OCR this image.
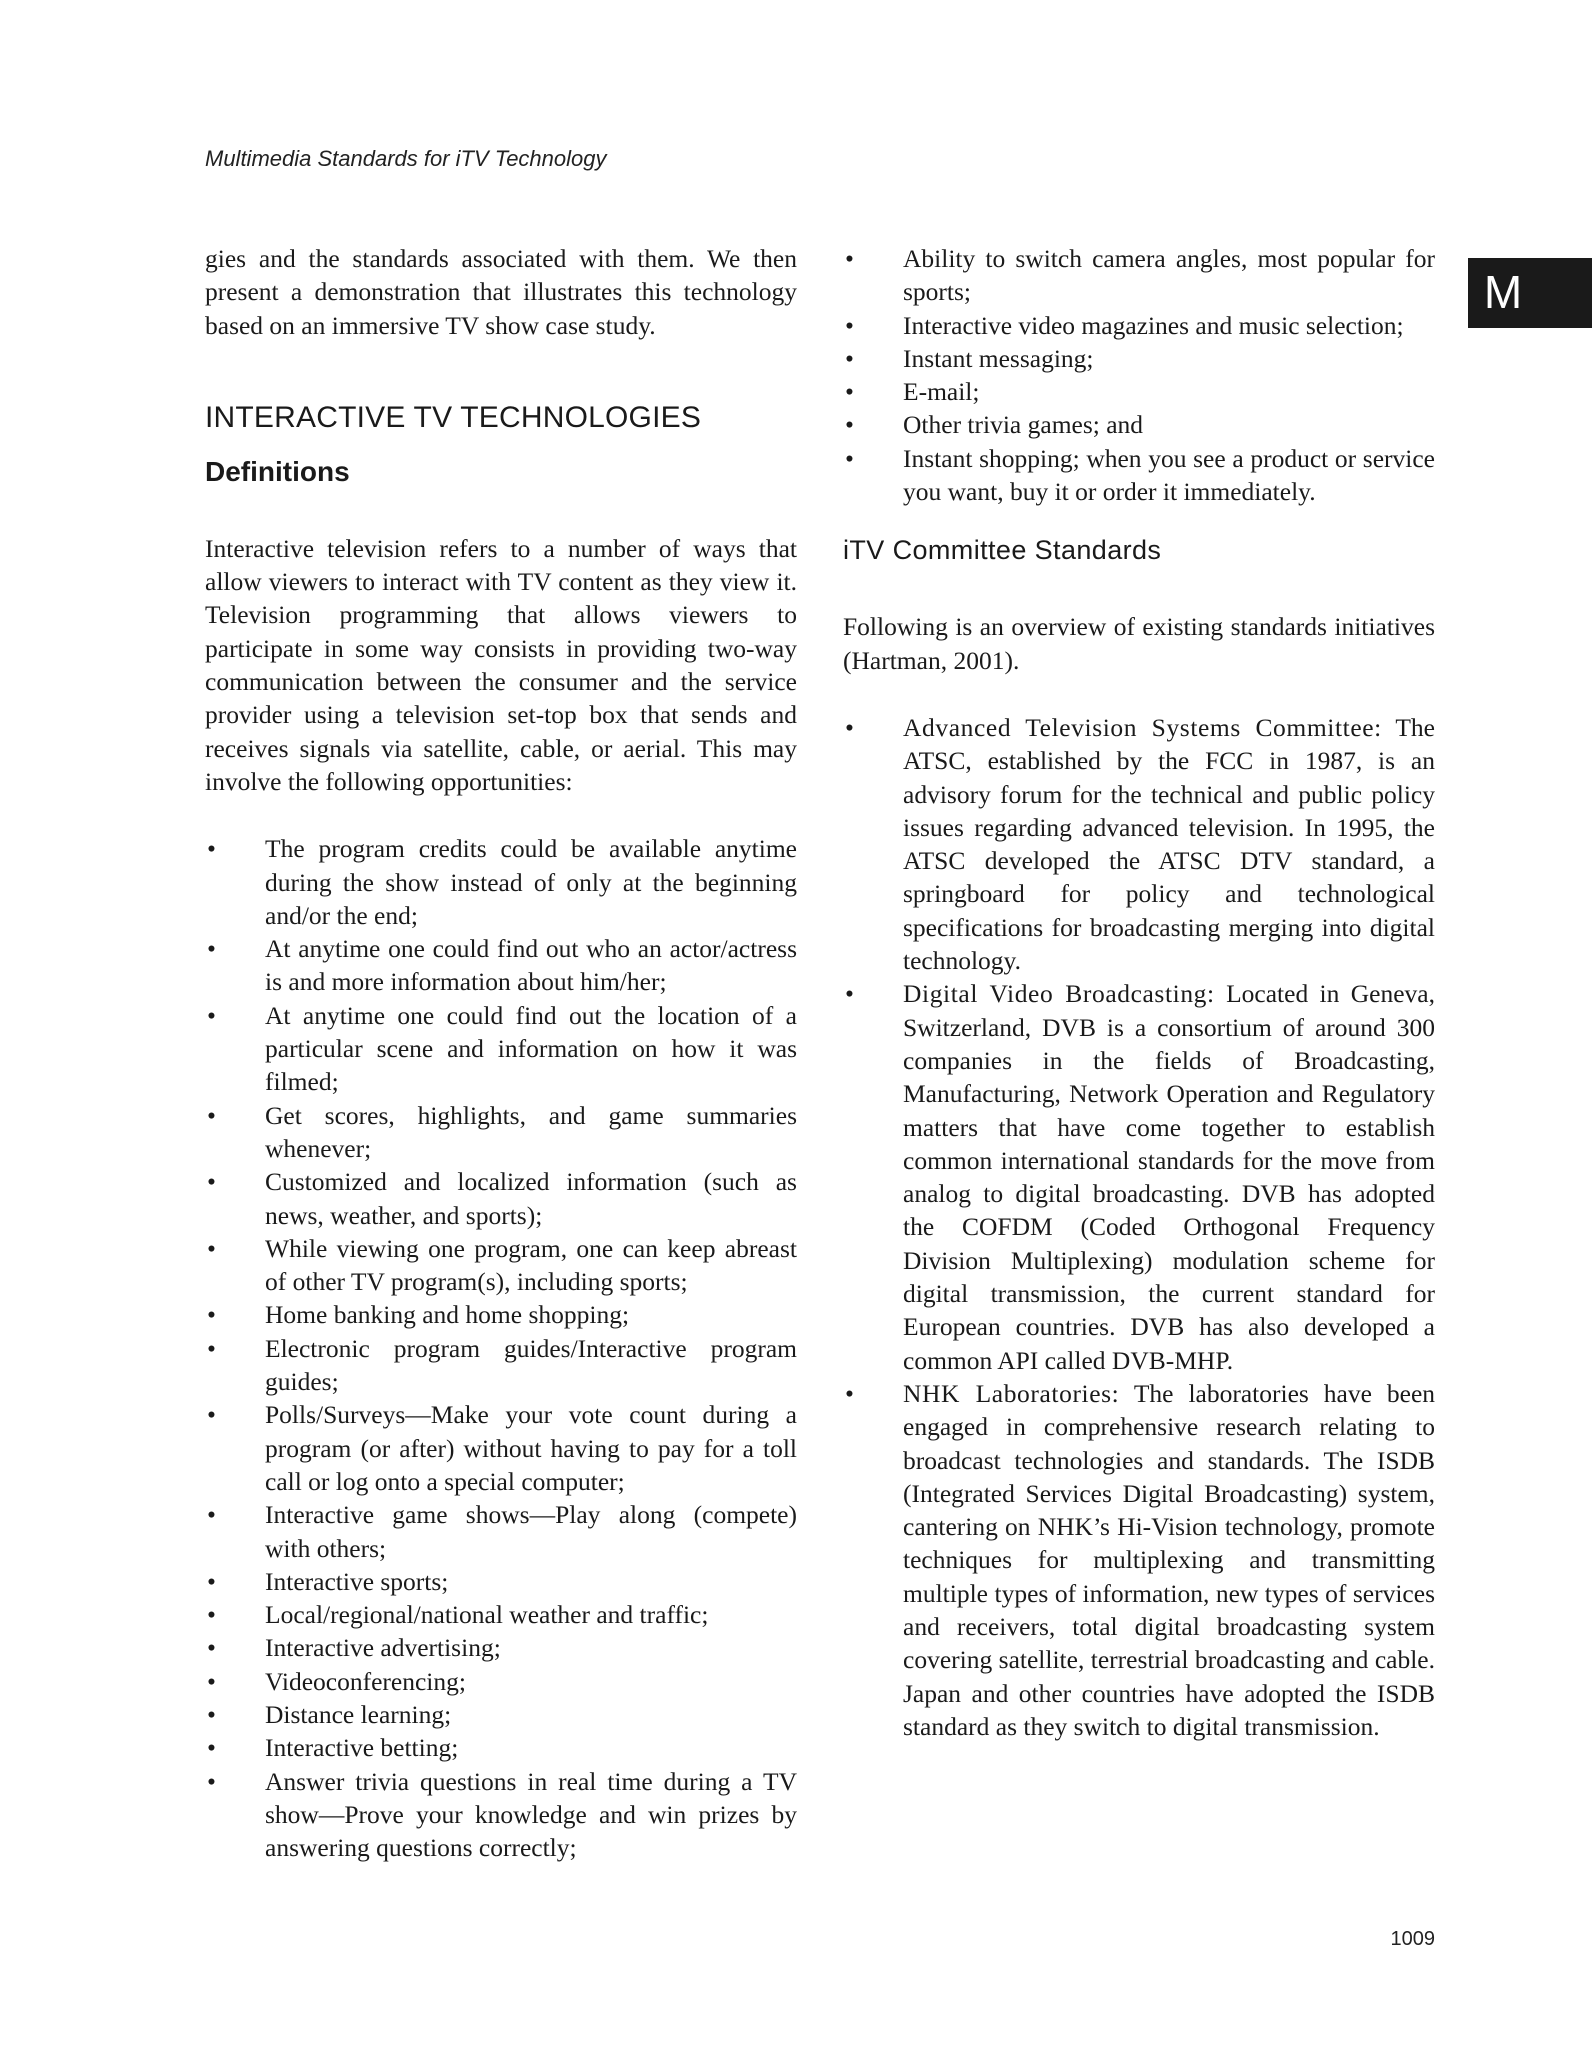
Multimedia Standards for iTV Technology
M

gies and the standards associated with them. We then present a demonstration that illustrates this technology based on an immersive TV show case study.

INTERACTIVE TV TECHNOLOGIES
Definitions

Interactive television refers to a number of ways that allow viewers to interact with TV content as they view it. Television programming that allows viewers to participate in some way consists in providing two-way communication between the consumer and the service provider using a television set-top box that sends and receives signals via satellite, cable, or aerial. This may involve the following opportunities:

• The program credits could be available anytime during the show instead of only at the beginning and/or the end;
• At anytime one could find out who an actor/actress is and more information about him/her;
• At anytime one could find out the location of a particular scene and information on how it was filmed;
• Get scores, highlights, and game summaries whenever;
• Customized and localized information (such as news, weather, and sports);
• While viewing one program, one can keep abreast of other TV program(s), including sports;
• Home banking and home shopping;
• Electronic program guides/Interactive program guides;
• Polls/Surveys—Make your vote count during a program (or after) without having to pay for a toll call or log onto a special computer;
• Interactive game shows—Play along (compete) with others;
• Interactive sports;
• Local/regional/national weather and traffic;
• Interactive advertising;
• Videoconferencing;
• Distance learning;
• Interactive betting;
• Answer trivia questions in real time during a TV show—Prove your knowledge and win prizes by answering questions correctly;
• Ability to switch camera angles, most popular for sports;
• Interactive video magazines and music selection;
• Instant messaging;
• E-mail;
• Other trivia games; and
• Instant shopping; when you see a product or service you want, buy it or order it immediately.
iTV Committee Standards

Following is an overview of existing standards initiatives (Hartman, 2001).

• Advanced Television Systems Committee: The ATSC, established by the FCC in 1987, is an advisory forum for the technical and public policy issues regarding advanced television. In 1995, the ATSC developed the ATSC DTV standard, a springboard for policy and technological specifications for broadcasting merging into digital technology.
• Digital Video Broadcasting: Located in Geneva, Switzerland, DVB is a consortium of around 300 companies in the fields of Broadcasting, Manufacturing, Network Operation and Regulatory matters that have come together to establish common international standards for the move from analog to digital broadcasting. DVB has adopted the COFDM (Coded Orthogonal Frequency Division Multiplexing) modulation scheme for digital transmission, the current standard for European countries. DVB has also developed a common API called DVB-MHP.
• NHK Laboratories: The laboratories have been engaged in comprehensive research relating to broadcast technologies and standards. The ISDB (Integrated Services Digital Broadcasting) system, cantering on NHK’s Hi-Vision technology, promote techniques for multiplexing and transmitting multiple types of information, new types of services and receivers, total digital broadcasting system covering satellite, terrestrial broadcasting and cable. Japan and other countries have adopted the ISDB standard as they switch to digital transmission.
1009
